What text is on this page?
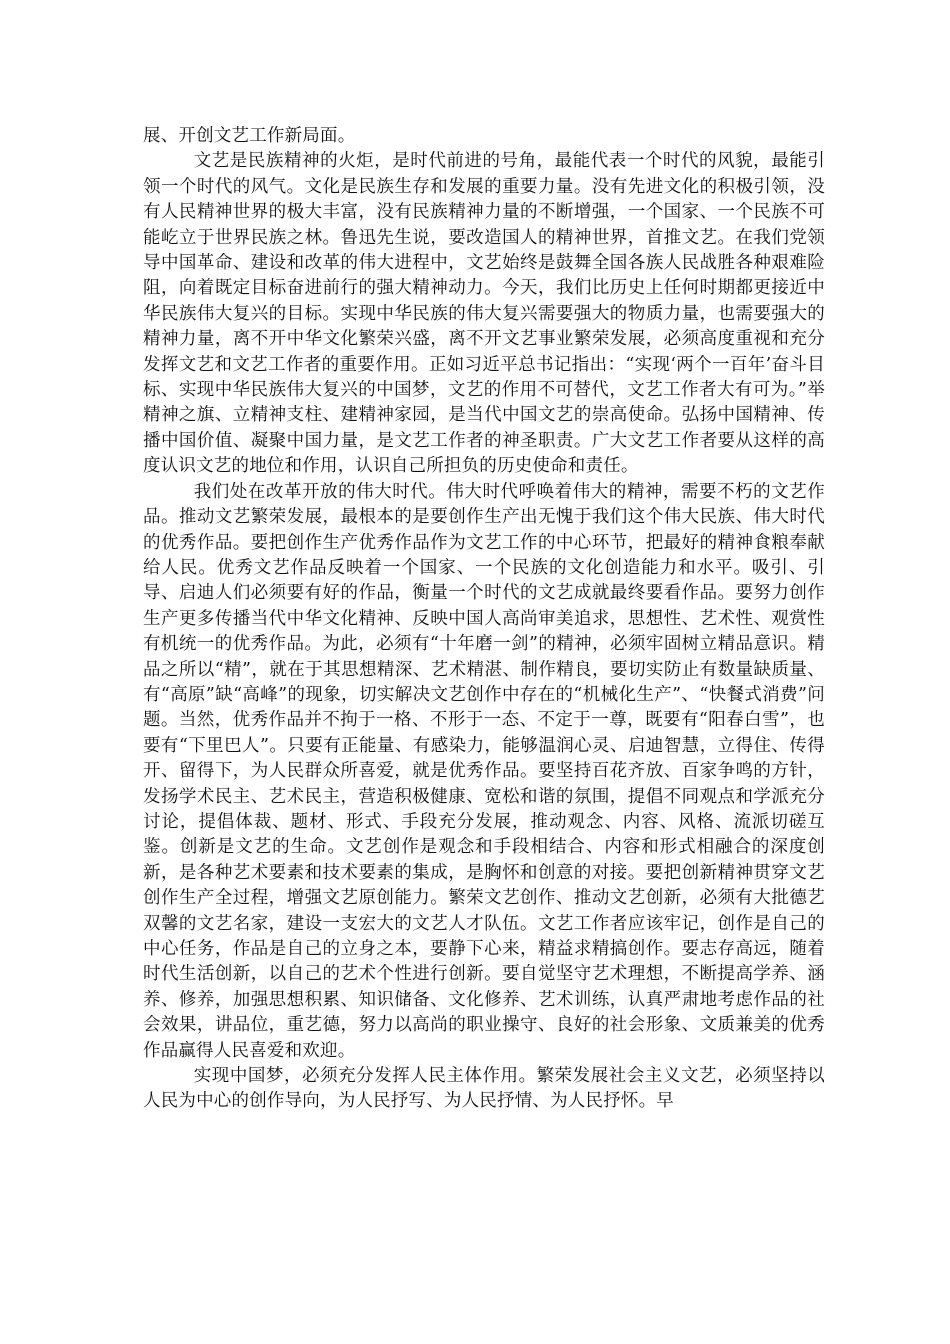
展、开创文艺工作新局面。

文艺是民族精神的火炬，是时代前进的号角，最能代表一个时代的风貌，最能引领一个时代的风气。文化是民族生存和发展的重要力量。没有先进文化的积极引领，没有人民精神世界的极大丰富，没有民族精神力量的不断增强，一个国家、一个民族不可能屹立于世界民族之林。鲁迅先生说，要改造国人的精神世界，首推文艺。在我们党领导中国革命、建设和改革的伟大进程中，文艺始终是鼓舞全国各族人民战胜各种艰难险阻，向着既定目标奋进前行的强大精神动力。今天，我们比历史上任何时期都更接近中华民族伟大复兴的目标。实现中华民族的伟大复兴需要强大的物质力量，也需要强大的精神力量，离不开中华文化繁荣兴盛，离不开文艺事业繁荣发展，必须高度重视和充分发挥文艺和文艺工作者的重要作用。正如习近平总书记指出：“实现‘两个一百年’奋斗目标、实现中华民族伟大复兴的中国梦，文艺的作用不可替代，文艺工作者大有可为。”举精神之旗、立精神支柱、建精神家园，是当代中国文艺的崇高使命。弘扬中国精神、传播中国价值、凝聚中国力量，是文艺工作者的神圣职责。广大文艺工作者要从这样的高度认识文艺的地位和作用，认识自己所担负的历史使命和责任。

我们处在改革开放的伟大时代。伟大时代呼唤着伟大的精神，需要不朽的文艺作品。推动文艺繁荣发展，最根本的是要创作生产出无愧于我们这个伟大民族、伟大时代的优秀作品。要把创作生产优秀作品作为文艺工作的中心环节，把最好的精神食粮奉献给人民。优秀文艺作品反映着一个国家、一个民族的文化创造能力和水平。吸引、引导、启迪人们必须要有好的作品，衡量一个时代的文艺成就最终要看作品。要努力创作生产更多传播当代中华文化精神、反映中国人高尚审美追求，思想性、艺术性、观赏性有机统一的优秀作品。为此，必须有“十年磨一剑”的精神，必须牢固树立精品意识。精品之所以“精”，就在于其思想精深、艺术精湛、制作精良，要切实防止有数量缺质量、有“高原”缺“高峰”的现象，切实解决文艺创作中存在的“机械化生产”、“快餐式消费”问题。当然，优秀作品并不拘于一格、不形于一态、不定于一尊，既要有“阳春白雪”，也要有“下里巴人”。只要有正能量、有感染力，能够温润心灵、启迪智慧，立得住、传得开、留得下，为人民群众所喜爱，就是优秀作品。要坚持百花齐放、百家争鸣的方针，发扬学术民主、艺术民主，营造积极健康、宽松和谐的氛围，提倡不同观点和学派充分讨论，提倡体裁、题材、形式、手段充分发展，推动观念、内容、风格、流派切磋互鉴。创新是文艺的生命。文艺创作是观念和手段相结合、内容和形式相融合的深度创新，是各种艺术要素和技术要素的集成，是胸怀和创意的对接。要把创新精神贯穿文艺创作生产全过程，增强文艺原创能力。繁荣文艺创作、推动文艺创新，必须有大批德艺双馨的文艺名家，建设一支宏大的文艺人才队伍。文艺工作者应该牢记，创作是自己的中心任务，作品是自己的立身之本，要静下心来，精益求精搞创作。要志存高远，随着时代生活创新，以自己的艺术个性进行创新。要自觉坚守艺术理想，不断提高学养、涵养、修养，加强思想积累、知识储备、文化修养、艺术训练，认真严肃地考虑作品的社会效果，讲品位，重艺德，努力以高尚的职业操守、良好的社会形象、文质兼美的优秀作品赢得人民喜爱和欢迎。

实现中国梦，必须充分发挥人民主体作用。繁荣发展社会主义文艺，必须坚持以人民为中心的创作导向，为人民抒写、为人民抒情、为人民抒怀。早
